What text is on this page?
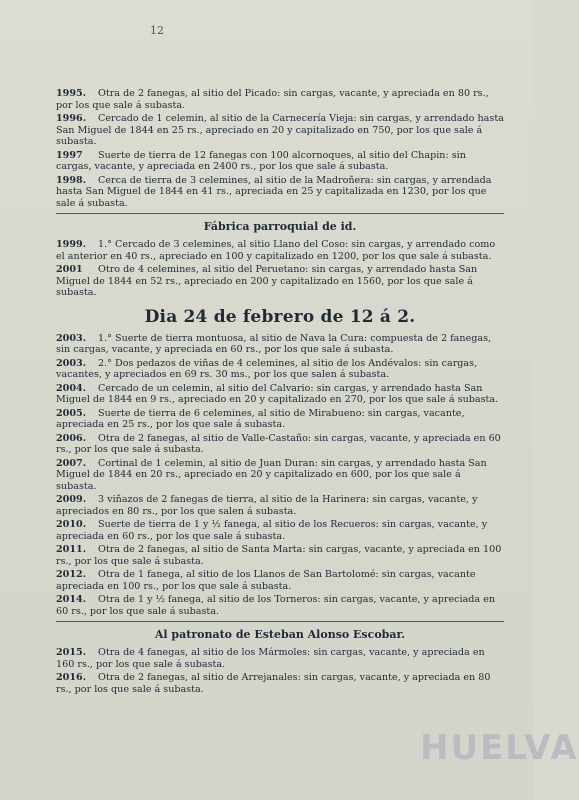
12
1995. Otra de 2 fanegas, al sitio del Picado: sin cargas, vacante, y apreciada en 80 rs., por los que sale á subasta.
1996. Cercado de 1 celemin, al sitio de la Carnecería Vieja: sin cargas, y arrendado hasta San Miguel de 1844 en 25 rs., apreciado en 20 y capitalizado en 750, por los que sale á subasta.
1997 Suerte de tierra de 12 fanegas con 100 alcornoques, al sitio del Chapin: sin cargas, vacante, y apreciada en 2400 rs., por los que sale á subasta.
1998. Cerca de tierra de 3 celemines, al sitio de la Madroñera: sin cargas, y arrendada hasta San Miguel de 1844 en 41 rs., apreciada en 25 y capitalizada en 1230, por los que sale á subasta.
Fábrica parroquial de id.
1999. 1.° Cercado de 3 celemines, al sitio Llano del Coso: sin cargas, y arrendado como el anterior en 40 rs., apreciado en 100 y capitalizado en 1200, por los que sale á subasta.
2001 Otro de 4 celemines, al sitio del Peruetano: sin cargas, y arrendado hasta San Miguel de 1844 en 52 rs., apreciado en 200 y capitalizado en 1560, por los que sale á subasta.
Dia 24 de febrero de 12 á 2.
2003. 1.° Suerte de tierra montuosa, al sitio de Nava la Cura: compuesta de 2 fanegas, sin cargas, vacante, y apreciada en 60 rs., por los que sale á subasta.
2003. 2.° Dos pedazos de viñas de 4 celemines, al sitio de los Andévalos: sin cargas, vacantes, y apreciados en 69 rs. 30 ms., por los que salen á subasta.
2004. Cercado de un celemin, al sitio del Calvario: sin cargas, y arrendado hasta San Miguel de 1844 en 9 rs., apreciado en 20 y capitalizado en 270, por los que sale á subasta.
2005. Suerte de tierra de 6 celemines, al sitio de Mirabueno: sin cargas, vacante, apreciada en 25 rs., por los que sale á subasta.
2006. Otra de 2 fanegas, al sitio de Valle-Castaño: sin cargas, vacante, y apreciada en 60 rs., por los que sale á subasta.
2007. Cortinal de 1 celemin, al sitio de Juan Duran: sin cargas, y arrendado hasta San Miguel de 1844 en 20 rs., apreciado en 20 y capitalizado en 600, por los que sale á subasta.
2009. 3 viñazos de 2 fanegas de tierra, al sitio de la Harinera: sin cargas, vacante, y apreciados en 80 rs., por los que salen á subasta.
2010. Suerte de tierra de 1 y ½ fanega, al sitio de los Recueros: sin cargas, vacante, y apreciada en 60 rs., por los que sale á subasta.
2011. Otra de 2 fanegas, al sitio de Santa Marta: sin cargas, vacante, y apreciada en 100 rs., por los que sale á subasta.
2012. Otra de 1 fanega, al sitio de los Llanos de San Bartolomé: sin cargas, vacante apreciada en 100 rs., por los que sale á subasta.
2014. Otra de 1 y ½ fanega, al sitio de los Torneros: sin cargas, vacante, y apreciada en 60 rs., por los que sale á subasta.
Al patronato de Esteban Alonso Escobar.
2015. Otra de 4 fanegas, al sitio de los Mármoles: sin cargas, vacante, y apreciada en 160 rs., por los que sale á subasta.
2016. Otra de 2 fanegas, al sitio de Arrejanales: sin cargas, vacante, y apreciada en 80 rs., por los que sale á subasta.
HUELVA
